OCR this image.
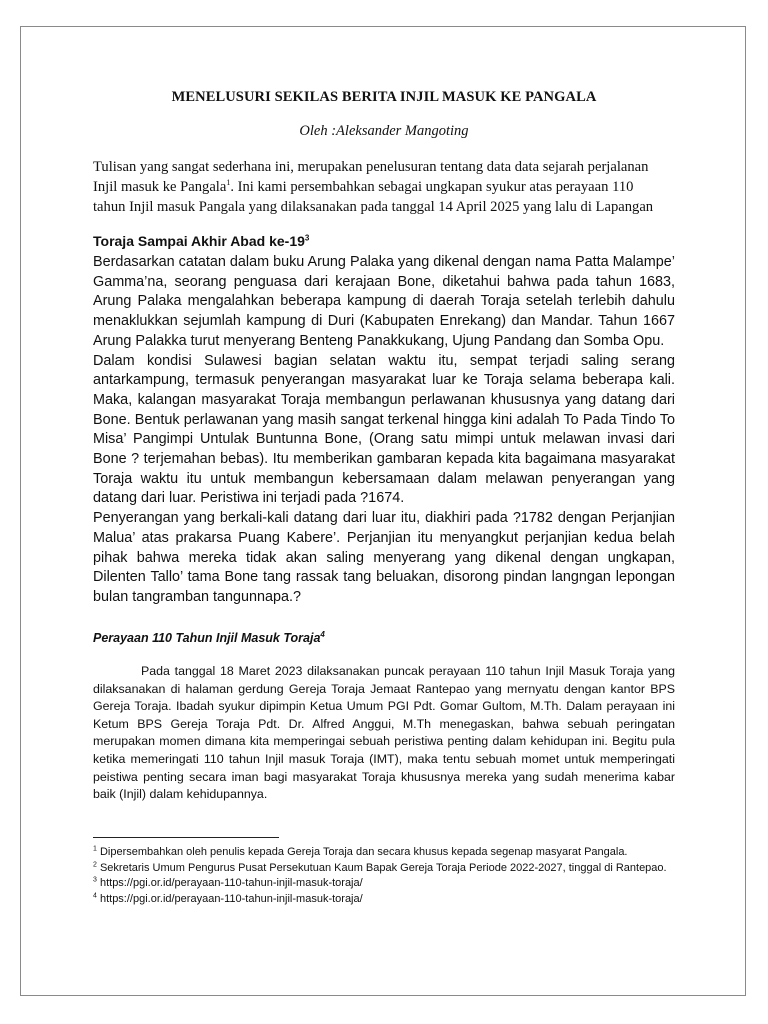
MENELUSURI SEKILAS BERITA INJIL MASUK KE PANGALA
Oleh :Aleksander Mangoting
Tulisan yang sangat sederhana ini, merupakan penelusuran tentang data data sejarah perjalanan
Injil masuk ke Pangala$^1$. Ini kami persembahkan sebagai ungkapan syukur atas perayaan 110
tahun Injil masuk Pangala yang dilaksanakan pada tanggal 14 April 2025 yang lalu di Lapangan
Toraja Sampai Akhir Abad $ke-19^3$

Berdasarkan catatan dalam buku Arung Palaka yang dikenal dengan nama Patta Malampe’ Gamma’na, seorang penguasa dari kerajaan Bone, diketahui bahwa pada tahun 1683, Arung Palaka mengalahkan beberapa kampung di daerah Toraja setelah terlebih dahulu menaklukkan sejumlah kampung di Duri (Kabupaten Enrekang) dan Mandar. Tahun 1667 Arung Palakka turut menyerang Benteng Panakkukang, Ujung Pandang dan Somba Opu.

Dalam kondisi Sulawesi bagian selatan waktu itu, sempat terjadi saling serang antarkampung, termasuk penyerangan masyarakat luar ke Toraja selama beberapa kali. Maka, kalangan masyarakat Toraja membangun perlawanan khususnya yang datang dari Bone. Bentuk perlawanan yang masih sangat terkenal hingga kini adalah To Pada Tindo To Misa’ Pangimpi Untulak Buntunna Bone, (Orang satu mimpi untuk melawan invasi dari Bone ? terjemahan bebas). Itu memberikan gambaran kepada kita bagaimana masyarakat Toraja waktu itu untuk membangun kebersamaan dalam melawan penyerangan yang datang dari luar. Peristiwa ini terjadi pada ?1674.

Penyerangan yang berkali-kali datang dari luar itu, diakhiri pada ?1782 dengan Perjanjian Malua’ atas prakarsa Puang Kabere’. Perjanjian itu menyangkut perjanjian kedua belah pihak bahwa mereka tidak akan saling menyerang yang dikenal dengan ungkapan, Dilenten Tallo’ tama Bone tang rassak tang beluakan, disorong pindan langngan lepongan bulan tangramban tangunnapa.?

Perayaan 110 Tahun Injil Masuk Toraja$^4$

Pada tanggal 18 Maret 2023 dilaksanakan puncak perayaan 110 tahun Injil Masuk Toraja yang dilaksanakan di halaman gerdung Gereja Toraja Jemaat Rantepao yang mernyatu dengan kantor BPS Gereja Toraja. Ibadah syukur dipimpin Ketua Umum PGI Pdt. Gomar Gultom, M.Th. Dalam perayaan ini Ketum BPS Gereja Toraja Pdt. Dr. Alfred Anggui, M.Th menegaskan, bahwa sebuah peringatan merupakan momen dimana kita memperingai sebuah peristiwa penting dalam kehidupan ini. Begitu pula ketika memeringati 110 tahun Injil masuk Toraja (IMT), maka tentu sebuah momet untuk memperingati peistiwa penting secara iman bagi masyarakat Toraja khususnya mereka yang sudah menerima kabar baik (Injil) dalam kehidupannya.

$^1$ Dipersembahkan oleh penulis kepada Gereja Toraja dan secara khusus kepada segenap masyarat Pangala.

$^2$ Sekretaris Umum Pengurus Pusat Persekutuan Kaum Bapak Gereja Toraja Periode 2022-2027, tinggal di Rantepao.

$^3$ https://pgi.or.id/perayaan-110-tahun-injil-masuk-toraja/

$^4$ https://pgi.or.id/perayaan-110-tahun-injil-masuk-toraja/
